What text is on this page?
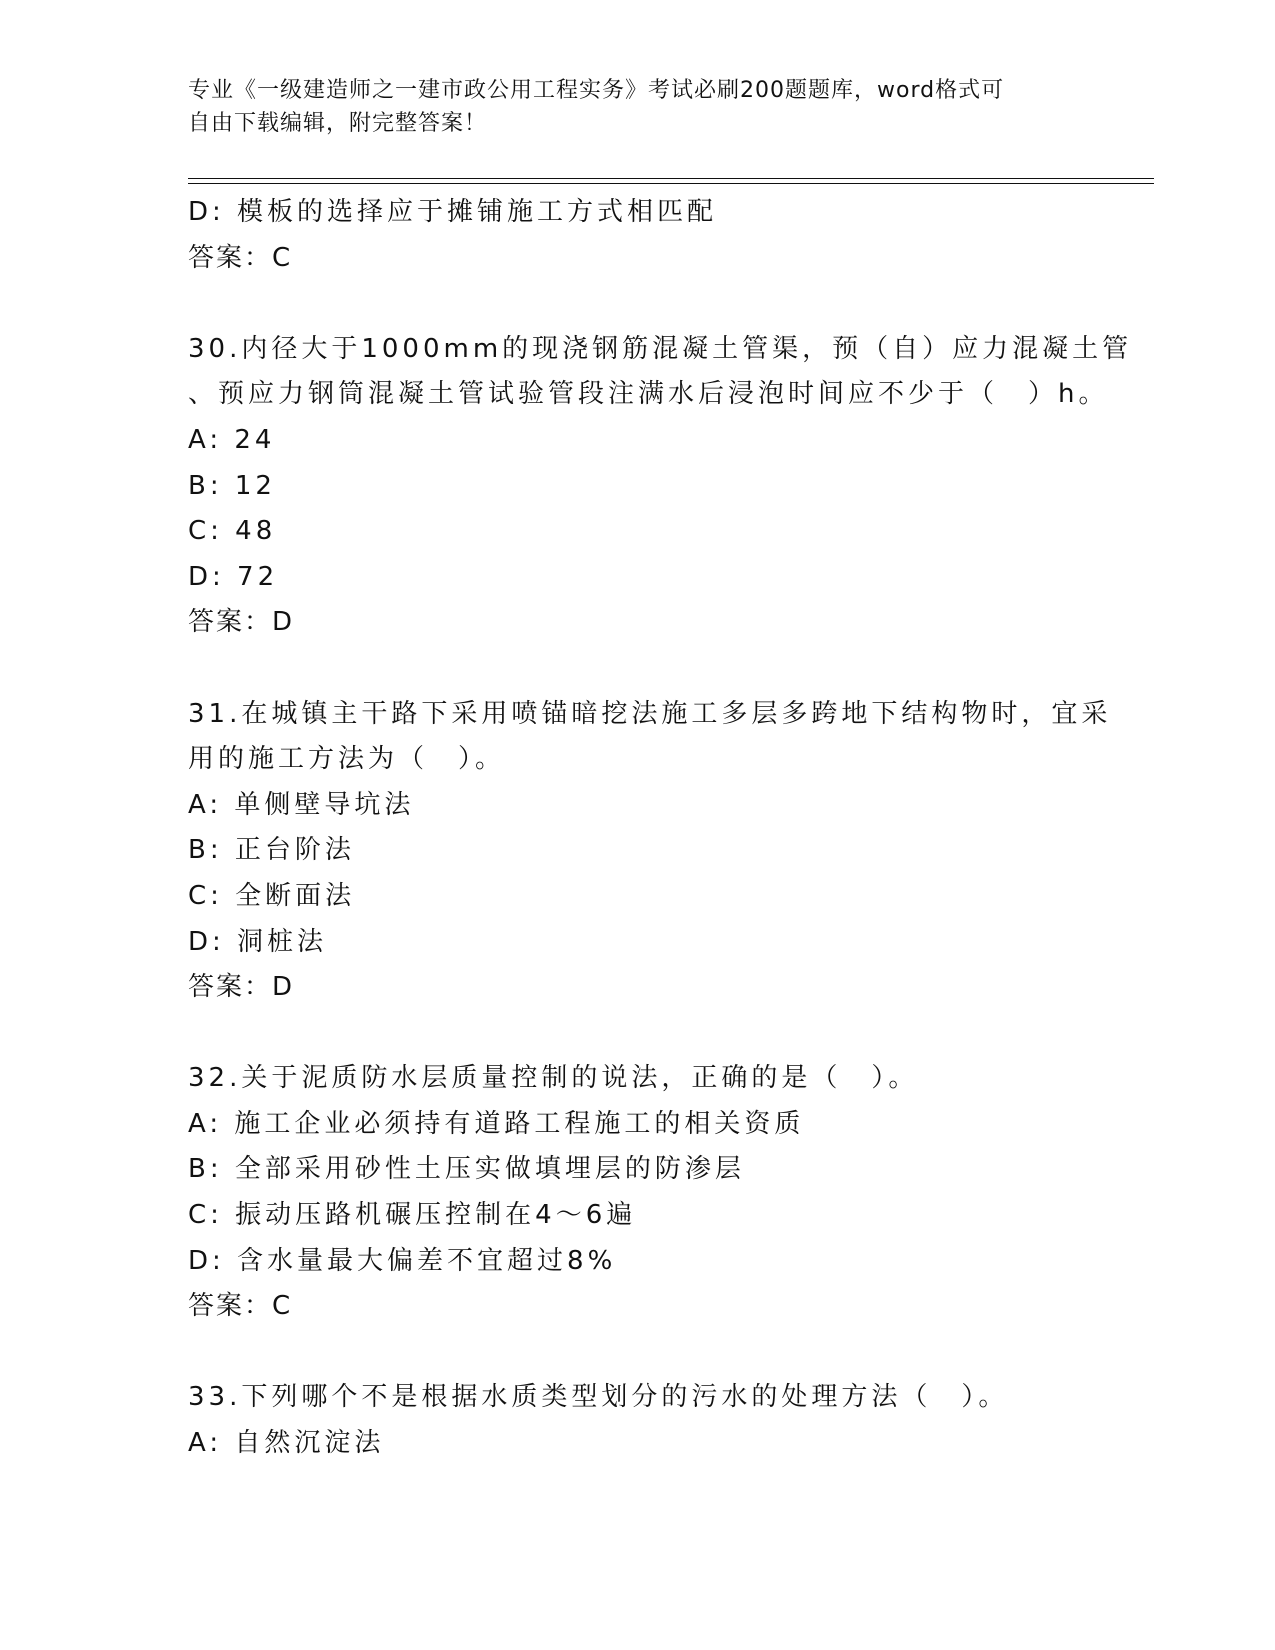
专业《一级建造师之一建市政公用工程实务》考试必刷200题题库，word格式可
自由下载编辑，附完整答案！
D: 模板的选择应于摊铺施工方式相匹配
答案：C
30.内径大于1000mm的现浇钢筋混凝土管渠，预（自）应力混凝土管
、预应力钢筒混凝土管试验管段注满水后浸泡时间应不少于（　）h。
A: 24
B: 12
C: 48
D: 72
答案：D
31.在城镇主干路下采用喷锚暗挖法施工多层多跨地下结构物时，宜采
用的施工方法为（　）。
A: 单侧壁导坑法
B: 正台阶法
C: 全断面法
D: 洞桩法
答案：D
32.关于泥质防水层质量控制的说法，正确的是（　）。
A: 施工企业必须持有道路工程施工的相关资质
B: 全部采用砂性土压实做填埋层的防渗层
C: 振动压路机碾压控制在4～6遍
D: 含水量最大偏差不宜超过8%
答案：C
33.下列哪个不是根据水质类型划分的污水的处理方法（　）。
A: 自然沉淀法
